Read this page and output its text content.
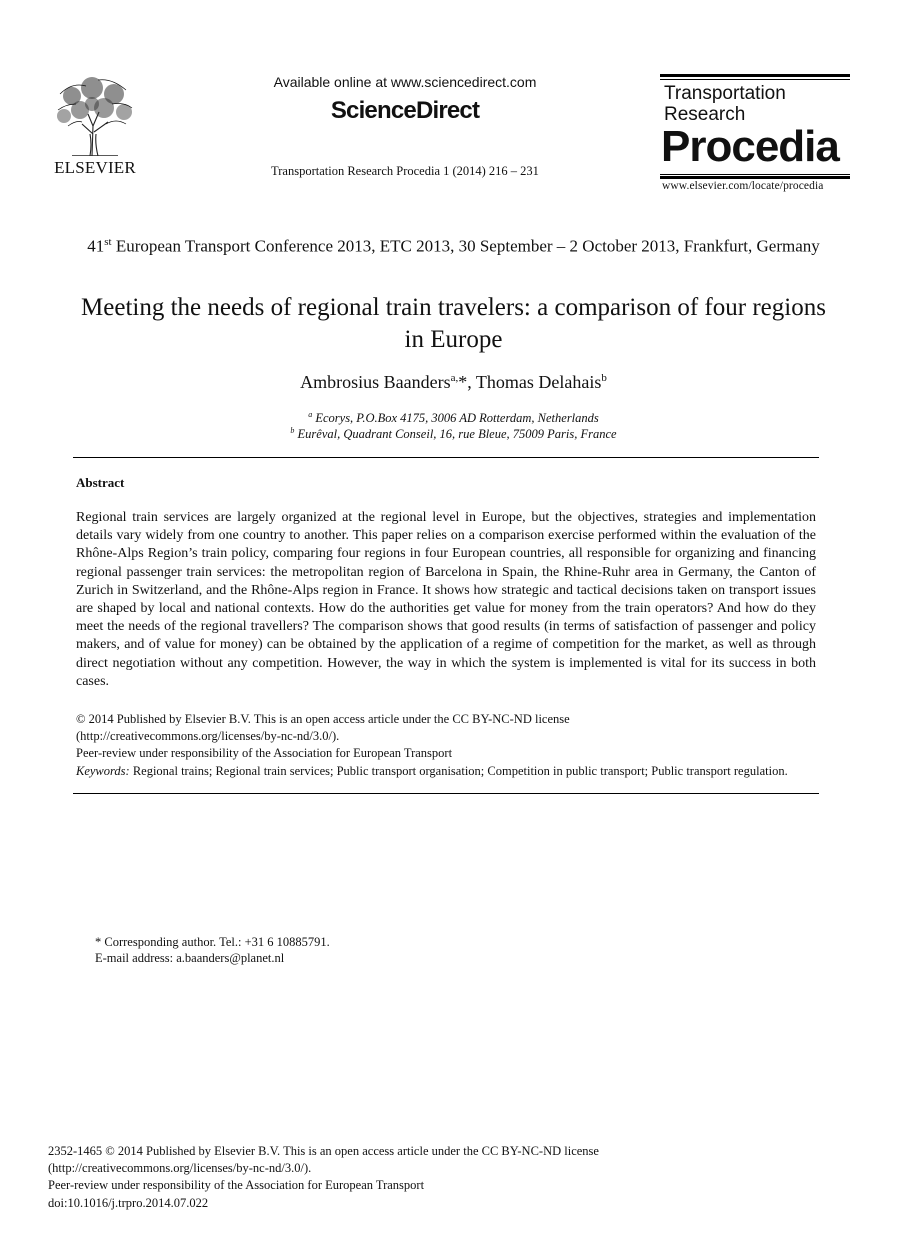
ELSEVIER
Available online at www.sciencedirect.com
ScienceDirect
Transportation Research Procedia 1 (2014) 216 – 231
Transportation
Research
Procedia
www.elsevier.com/locate/procedia
41st European Transport Conference 2013, ETC 2013, 30 September – 2 October 2013, Frankfurt, Germany
Meeting the needs of regional train travelers: a comparison of four regions in Europe
Ambrosius Baanders$^{a,}$*, Thomas Delahais$^b$
$^a$ Ecorys, P.O.Box 4175, 3006 AD Rotterdam, Netherlands
$^b$ Eurêval, Quadrant Conseil, 16, rue Bleue, 75009 Paris, France
Abstract
Regional train services are largely organized at the regional level in Europe, but the objectives, strategies and implementation details vary widely from one country to another. This paper relies on a comparison exercise performed within the evaluation of the Rhône-Alps Region’s train policy, comparing four regions in four European countries, all responsible for organizing and financing regional passenger train services: the metropolitan region of Barcelona in Spain, the Rhine-Ruhr area in Germany, the Canton of Zurich in Switzerland, and the Rhône-Alps region in France. It shows how strategic and tactical decisions taken on transport issues are shaped by local and national contexts. How do the authorities get value for money from the train operators? And how do they meet the needs of the regional travellers? The comparison shows that good results (in terms of satisfaction of passenger and policy makers, and of value for money) can be obtained by the application of a regime of competition for the market, as well as through direct negotiation without any competition. However, the way in which the system is implemented is vital for its success in both cases.
© 2014 Published by Elsevier B.V. This is an open access article under the CC BY-NC-ND license
(http://creativecommons.org/licenses/by-nc-nd/3.0/).
Peer-review under responsibility of the Association for European Transport
Keywords: Regional trains; Regional train services; Public transport organisation; Competition in public transport; Public transport regulation.
* Corresponding author. Tel.: +31 6 10885791.
E-mail address: a.baanders@planet.nl
2352-1465 © 2014 Published by Elsevier B.V. This is an open access article under the CC BY-NC-ND license
(http://creativecommons.org/licenses/by-nc-nd/3.0/).
Peer-review under responsibility of the Association for European Transport
doi:10.1016/j.trpro.2014.07.022
